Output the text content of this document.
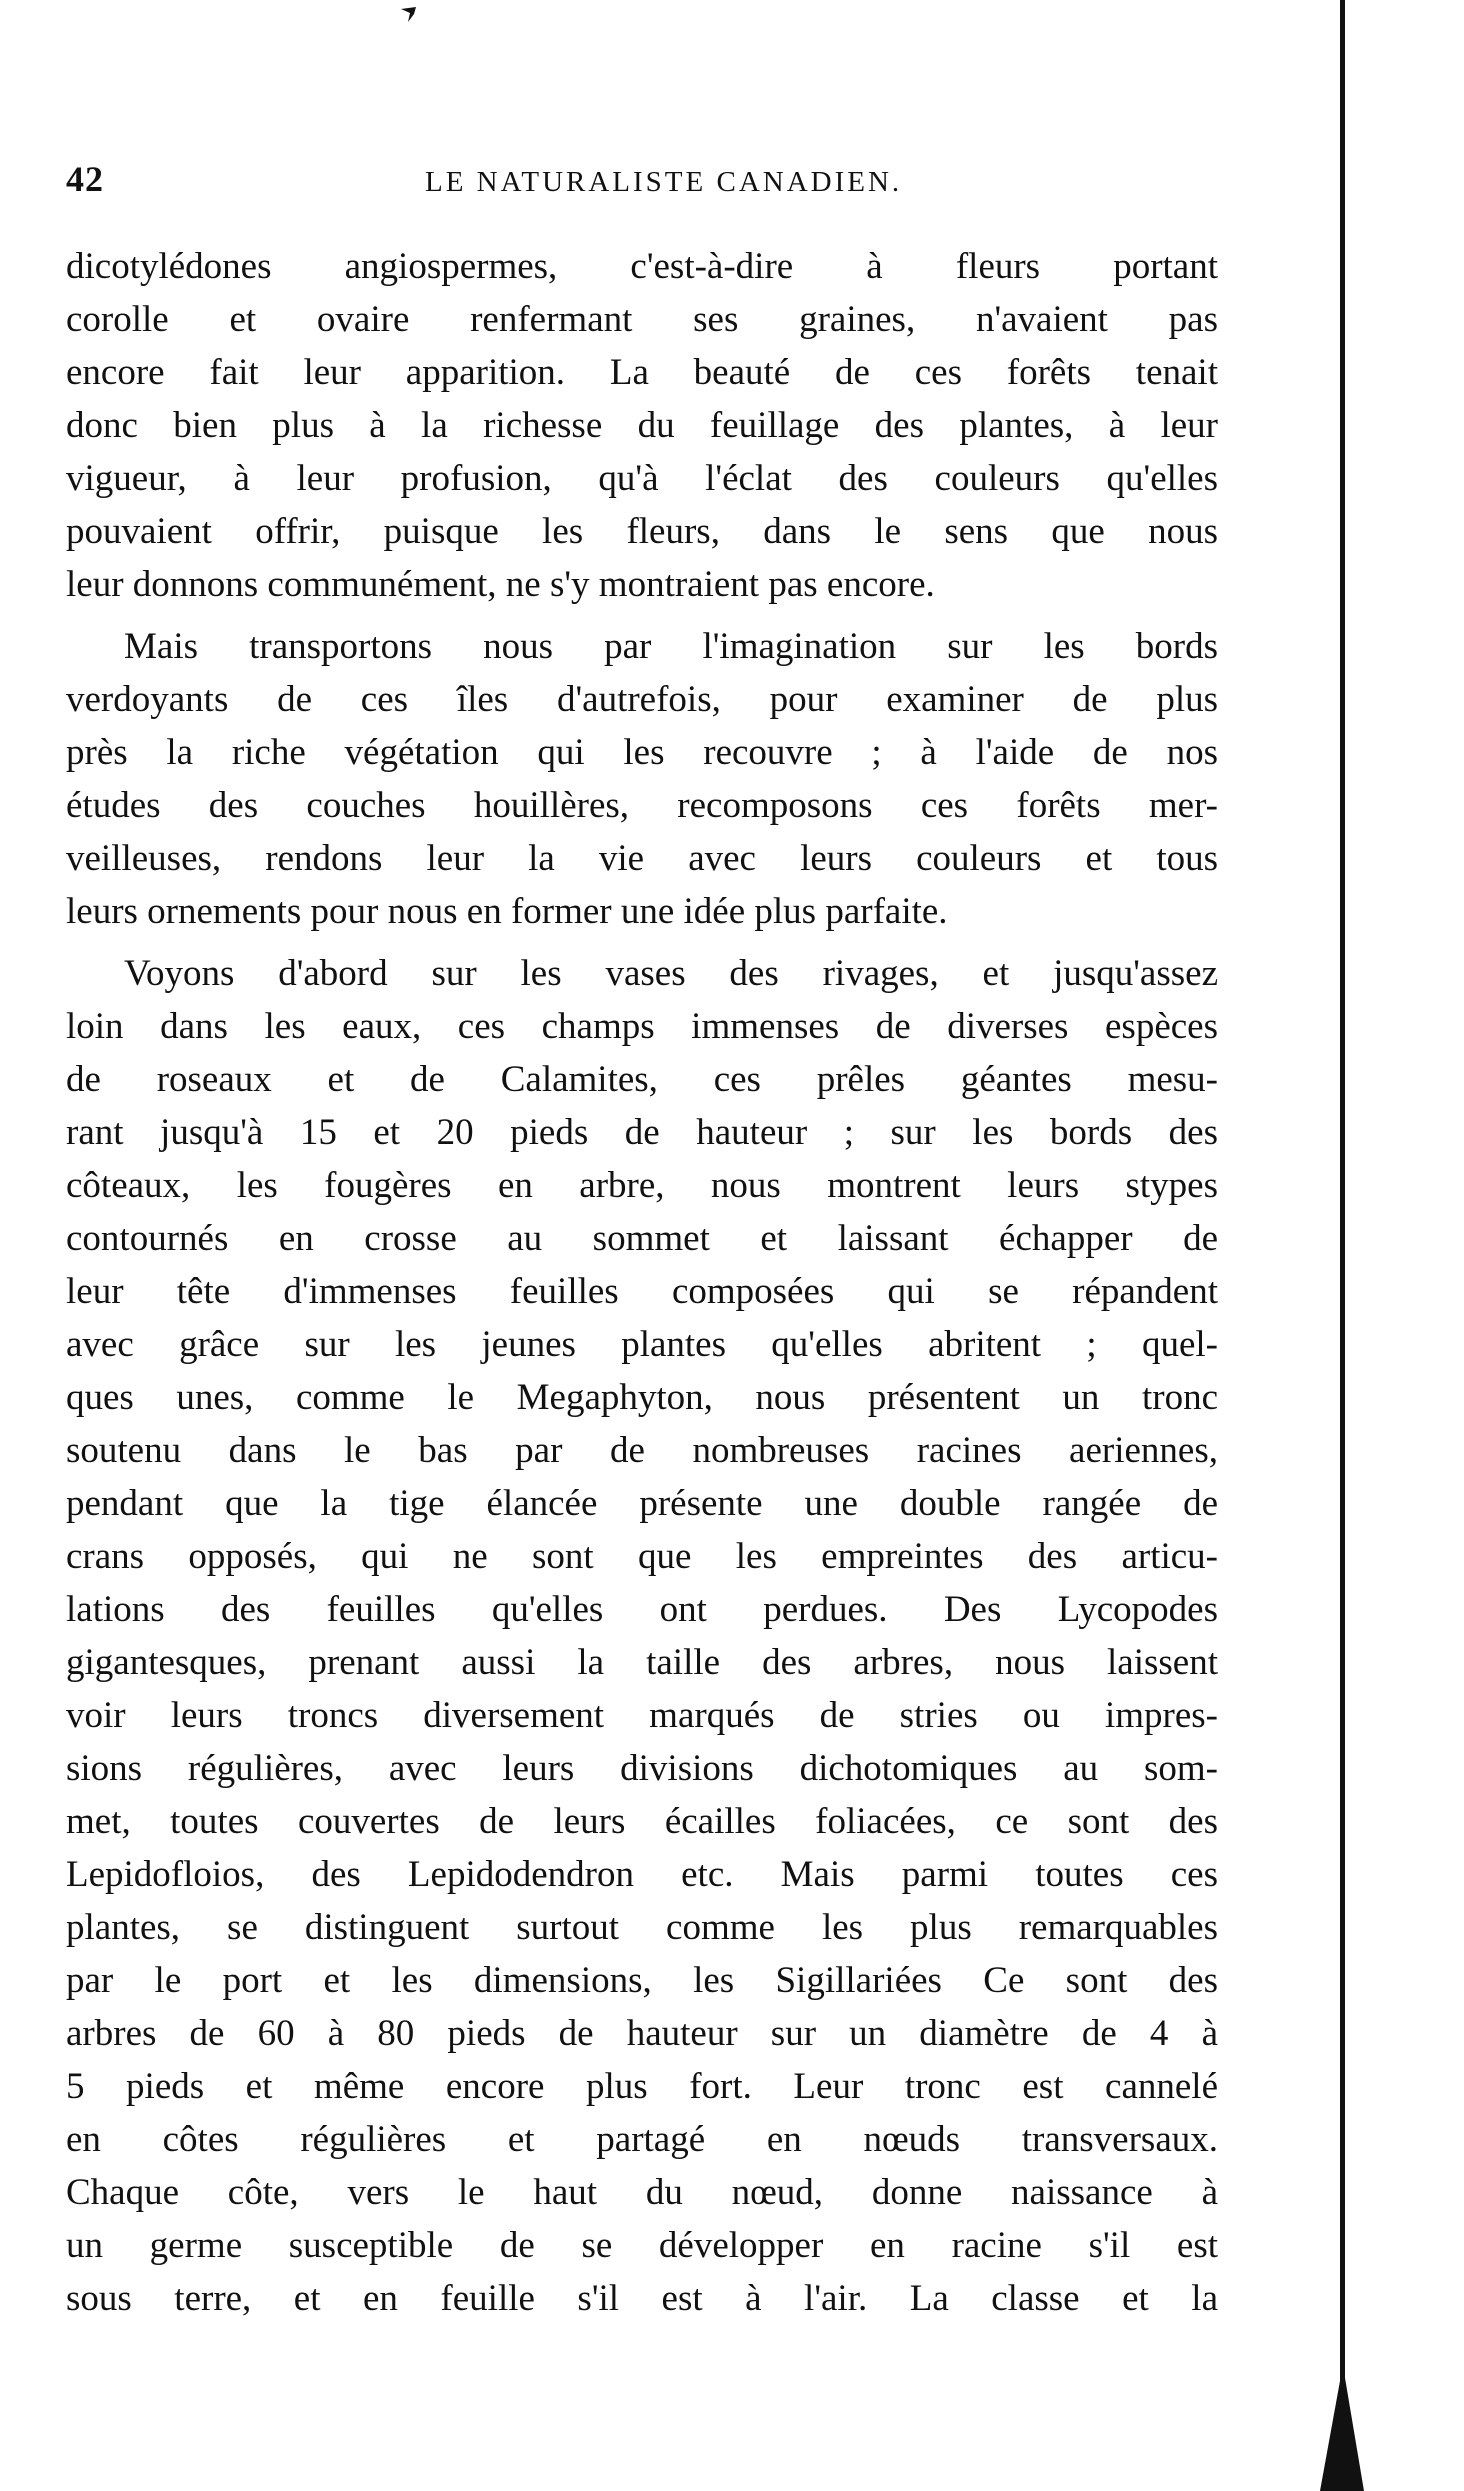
42	LE NATURALISTE CANADIEN.
dicotylédones angiospermes, c'est-à-dire à fleurs portant
corolle et ovaire renfermant ses graines, n'avaient pas
encore fait leur apparition. La beauté de ces forêts tenait
donc bien plus à la richesse du feuillage des plantes, à leur
vigueur, à leur profusion, qu'à l'éclat des couleurs qu'elles
pouvaient offrir, puisque les fleurs, dans le sens que nous
leur donnons communément, ne s'y montraient pas encore.
Mais transportons nous par l'imagination sur les bords
verdoyants de ces îles d'autrefois, pour examiner de plus
près la riche végétation qui les recouvre ; à l'aide de nos
études des couches houillères, recomposons ces forêts mer-
veilleuses, rendons leur la vie avec leurs couleurs et tous
leurs ornements pour nous en former une idée plus parfaite.
Voyons d'abord sur les vases des rivages, et jusqu'assez
loin dans les eaux, ces champs immenses de diverses espèces
de roseaux et de Calamites, ces prêles géantes mesu-
rant jusqu'à 15 et 20 pieds de hauteur ; sur les bords des
côteaux, les fougères en arbre, nous montrent leurs stypes
contournés en crosse au sommet et laissant échapper de
leur tête d'immenses feuilles composées qui se répandent
avec grâce sur les jeunes plantes qu'elles abritent ; quel-
ques unes, comme le Megaphyton, nous présentent un tronc
soutenu dans le bas par de nombreuses racines aeriennes,
pendant que la tige élancée présente une double rangée de
crans opposés, qui ne sont que les empreintes des articu-
lations des feuilles qu'elles ont perdues. Des Lycopodes
gigantesques, prenant aussi la taille des arbres, nous laissent
voir leurs troncs diversement marqués de stries ou impres-
sions régulières, avec leurs divisions dichotomiques au som-
met, toutes couvertes de leurs écailles foliacées, ce sont des
Lepidofloios, des Lepidodendron etc. Mais parmi toutes ces
plantes, se distinguent surtout comme les plus remarquables
par le port et les dimensions, les Sigillariées Ce sont des
arbres de 60 à 80 pieds de hauteur sur un diamètre de 4 à
5 pieds et même encore plus fort. Leur tronc est cannelé
en côtes régulières et partagé en nœuds transversaux.
Chaque côte, vers le haut du nœud, donne naissance à
un germe susceptible de se développer en racine s'il est
sous terre, et en feuille s'il est à l'air. La classe et la
